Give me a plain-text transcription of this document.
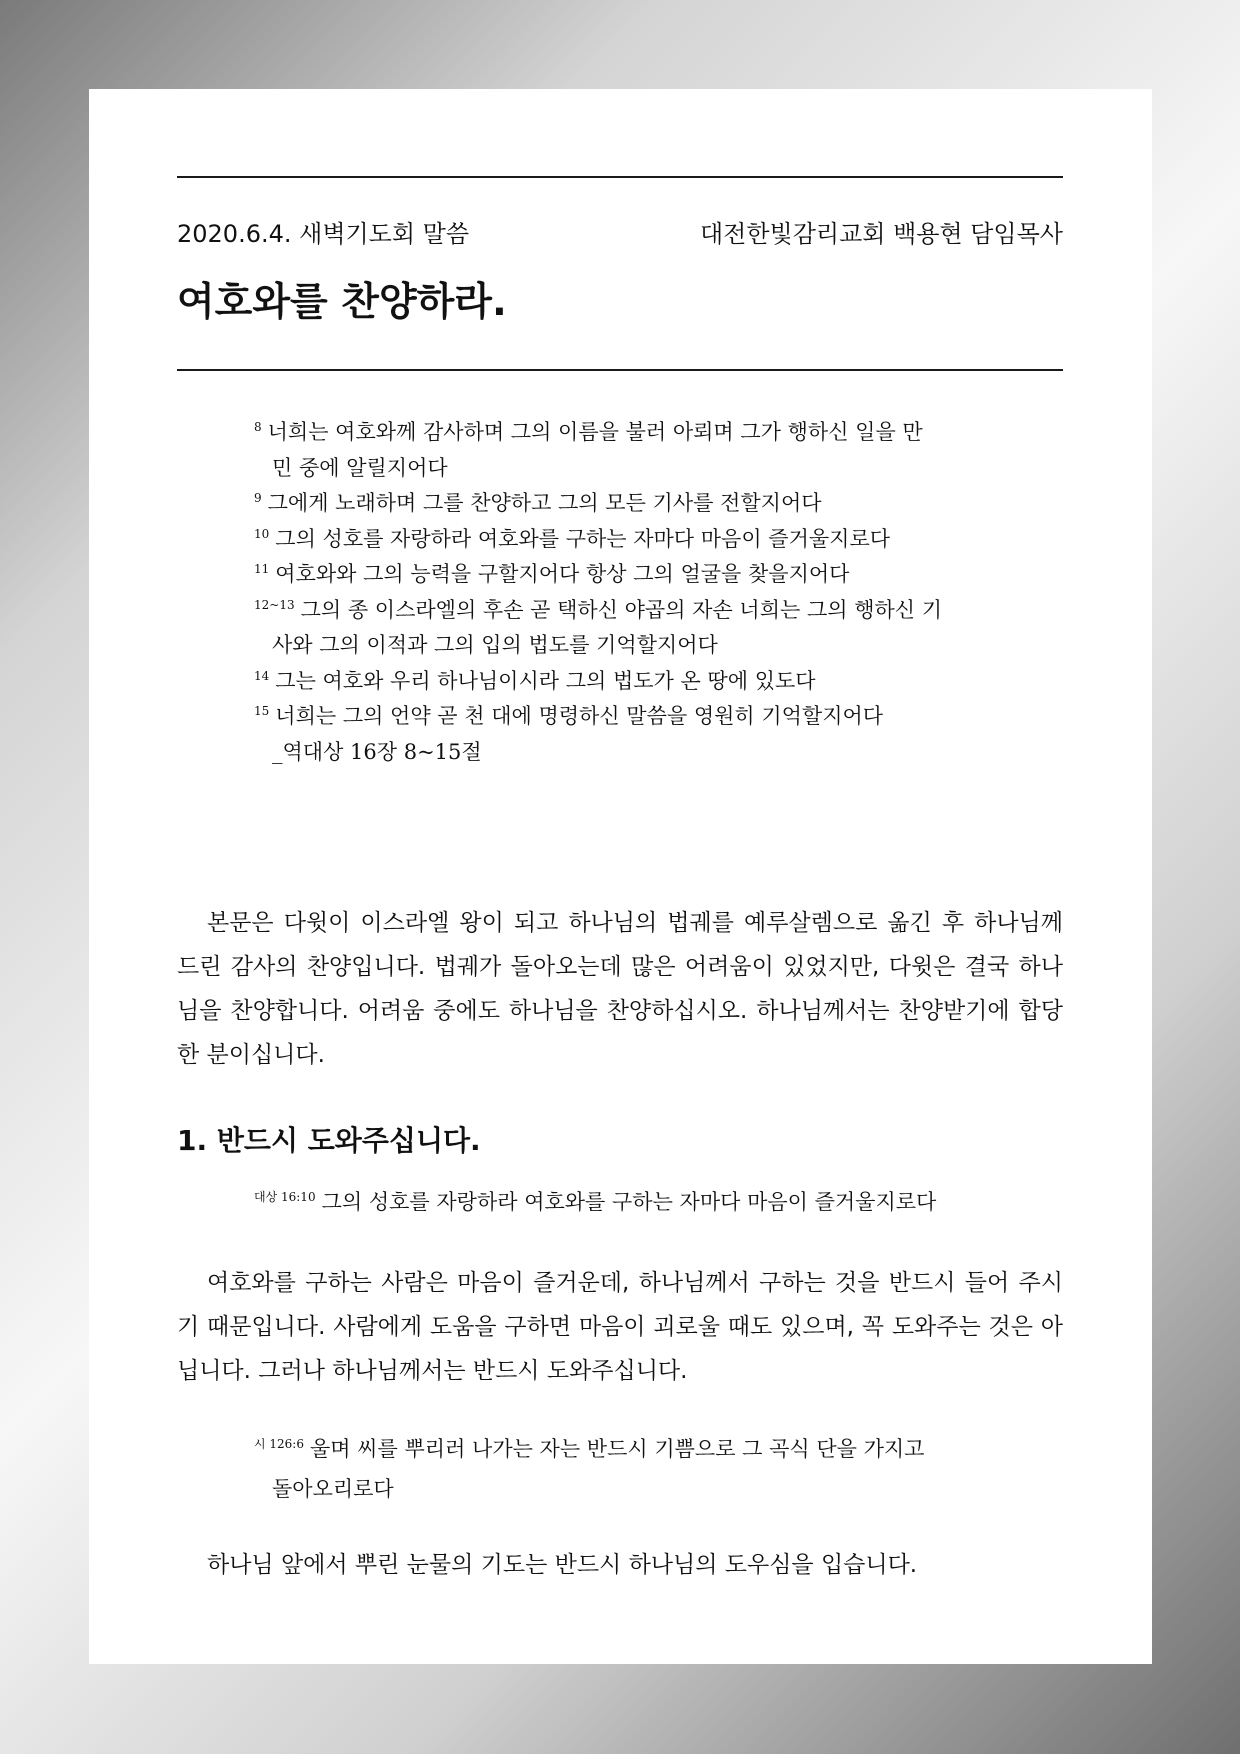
2020.6.4. 새벽기도회 말씀	대전한빛감리교회 백용현 담임목사
여호와를 찬양하라.
$^8$ 너희는 여호와께 감사하며 그의 이름을 불러 아뢰며 그가 행하신 일을 만
민 중에 알릴지어다
$^9$ 그에게 노래하며 그를 찬양하고 그의 모든 기사를 전할지어다
$^{10}$ 그의 성호를 자랑하라 여호와를 구하는 자마다 마음이 즐거울지로다
$^{11}$ 여호와와 그의 능력을 구할지어다 항상 그의 얼굴을 찾을지어다
$^{12\sim 13}$ 그의 종 이스라엘의 후손 곧 택하신 야곱의 자손 너희는 그의 행하신 기
사와 그의 이적과 그의 입의 법도를 기억할지어다
$^{14}$ 그는 여호와 우리 하나님이시라 그의 법도가 온 땅에 있도다
$^{15}$ 너희는 그의 언약 곧 천 대에 명령하신 말씀을 영원히 기억할지어다
_역대상 16장 8~15절

본문은 다윗이 이스라엘 왕이 되고 하나님의 법궤를 예루살렘으로 옮긴 후 하나님께 드린 감사의 찬양입니다. 법궤가 돌아오는데 많은 어려움이 있었지만, 다윗은 결국 하나님을 찬양합니다. 어려움 중에도 하나님을 찬양하십시오. 하나님께서는 찬양받기에 합당한 분이십니다.

1. 반드시 도와주십니다.
$^{대상 16:10}$ 그의 성호를 자랑하라 여호와를 구하는 자마다 마음이 즐거울지로다

여호와를 구하는 사람은 마음이 즐거운데, 하나님께서 구하는 것을 반드시 들어 주시기 때문입니다. 사람에게 도움을 구하면 마음이 괴로울 때도 있으며, 꼭 도와주는 것은 아닙니다. 그러나 하나님께서는 반드시 도와주십니다.

$^{시 126:6}$ 울며 씨를 뿌리러 나가는 자는 반드시 기쁨으로 그 곡식 단을 가지고
돌아오리로다

하나님 앞에서 뿌린 눈물의 기도는 반드시 하나님의 도우심을 입습니다.
